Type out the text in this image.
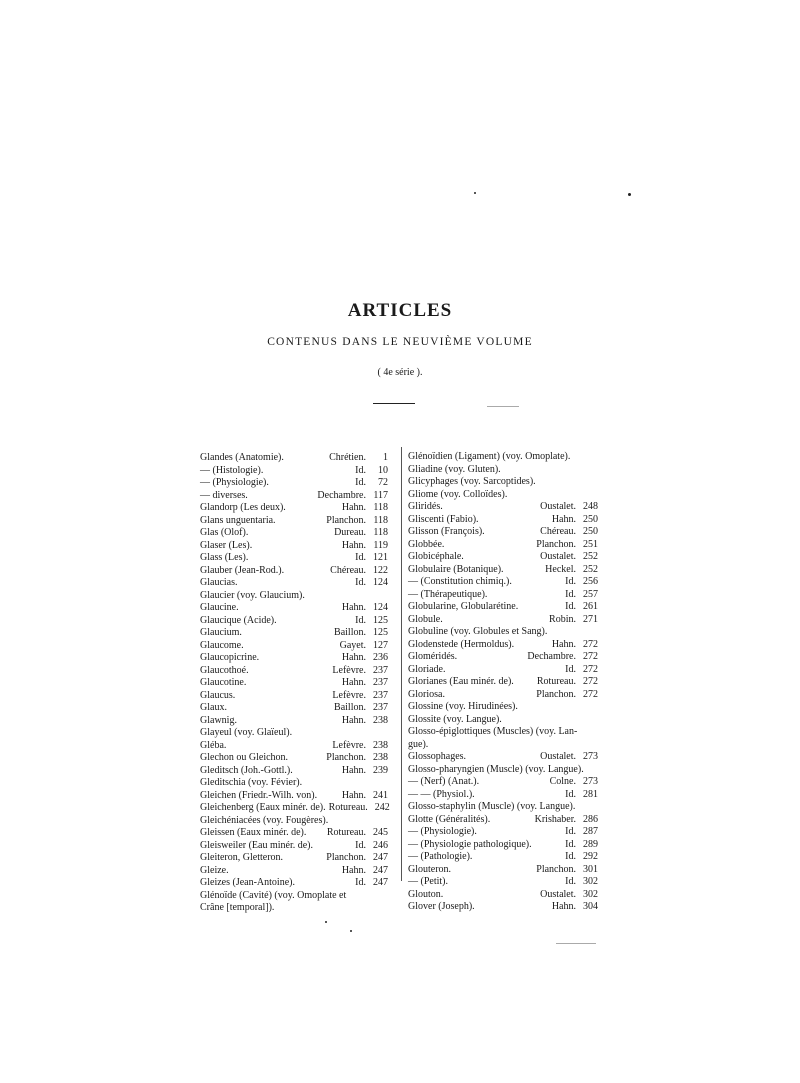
ARTICLES
CONTENUS DANS LE NEUVIÈME VOLUME
( 4e série ).
Glandes (Anatomie).	Chrétien.	1
— (Histologie).	Id.	10
— (Physiologie).	Id.	72
— diverses.	Dechambre. 117
Glandorp (Les deux).	Hahn. 118
Glans unguentaria.	Planchon. 118
Glas (Olof).	Dureau. 118
Glaser (Les).	Hahn. 119
Glass (Les).	Id. 121
Glauber (Jean-Rod.).	Chéreau. 122
Glaucias.	Id. 124
Glaucier (voy. Glaucium).
Glaucine.	Hahn. 124
Glaucique (Acide).	Id. 125
Glaucium.	Baillon. 125
Glaucome.	Gayet. 127
Glaucopicrine.	Hahn. 236
Glaucothoé.	Lefèvre. 237
Glaucotine.	Hahn. 237
Glaucus.	Lefèvre. 237
Glaux.	Baillon. 237
Glawnig.	Hahn. 238
Glayeul (voy. Glaïeul).
Gléba.	Lefèvre. 238
Glechon ou Gleichon.	Planchon. 238
Gleditsch (Joh.-Gottl.).	Hahn. 239
Gleditschia (voy. Févier).
Gleichen (Friedr.-Wilh. von).	Hahn. 241
Gleichenberg (Eaux minér. de). Rotureau. 242
Gleichéniacées (voy. Fougères).
Gleissen (Eaux minér. de).	Rotureau. 245
Gleisweiler (Eau minér. de).	Id. 246
Gleiteron, Gletteron.	Planchon. 247
Gleize.	Hahn. 247
Gleizes (Jean-Antoine).	Id. 247
Glénoïde (Cavité) (voy. Omoplate et
Crâne [temporal]).
Glénoïdien (Ligament) (voy. Omoplate).
Gliadine (voy. Gluten).
Glicyphages (voy. Sarcoptides).
Gliome (voy. Colloïdes).
Gliridés.	Oustalet. 248
Gliscenti (Fabio).	Hahn. 250
Glisson (François).	Chéreau. 250
Globbée.	Planchon. 251
Globicéphale.	Oustalet. 252
Globulaire (Botanique).	Heckel. 252
— (Constitution chimiq.).	Id. 256
— (Thérapeutique).	Id. 257
Globularine, Globularétine.	Id. 261
Globule.	Robin. 271
Globuline (voy. Globules et Sang).
Glodenstede (Hermoldus).	Hahn. 272
Gloméridés.	Dechambre. 272
Gloriade.	Id. 272
Glorianes (Eau minér. de).	Rotureau. 272
Gloriosa.	Planchon. 272
Glossine (voy. Hirudinées).
Glossite (voy. Langue).
Glosso-épiglottiques (Muscles) (voy. Lan-
gue).
Glossophages.	Oustalet. 273
Glosso-pharyngien (Muscle) (voy. Langue).
— (Nerf) (Anat.).	Colne. 273
— — (Physiol.).	Id. 281
Glosso-staphylin (Muscle) (voy. Langue).
Glotte (Généralités).	Krishaber. 286
— (Physiologie).	Id. 287
— (Physiologie pathologique).	Id. 289
— (Pathologie).	Id. 292
Glouteron.	Planchon. 301
— (Petit).	Id. 302
Glouton.	Oustalet. 302
Glover (Joseph).	Hahn. 304
